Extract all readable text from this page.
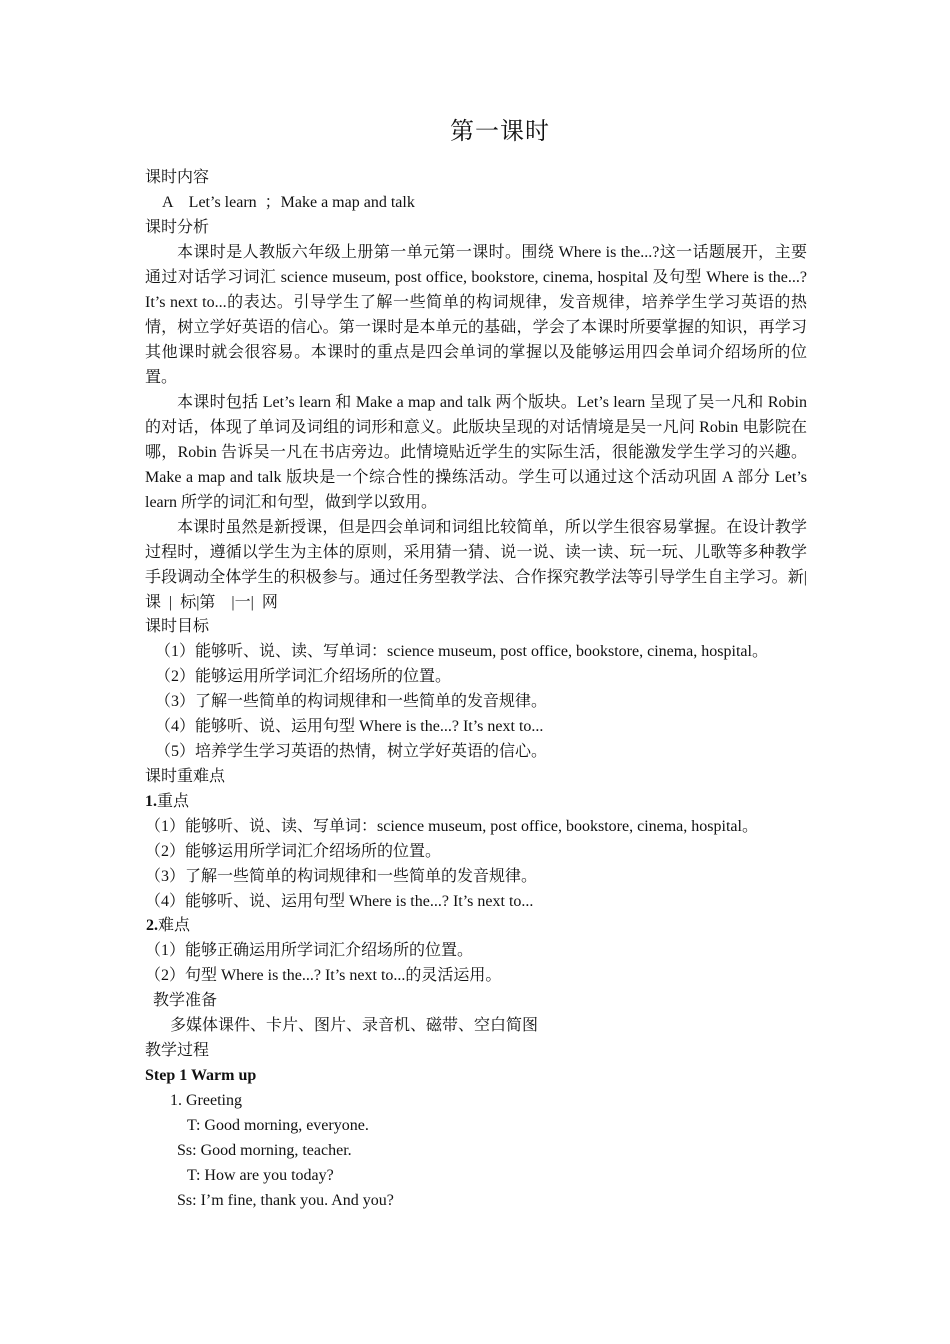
第一课时
课时内容
A    Let’s learn  ；Make a map and talk
课时分析
本课时是人教版六年级上册第一单元第一课时。围绕 Where is the...?这一话题展开，主要通过对话学习词汇 science museum, post office, bookstore, cinema, hospital 及句型 Where is the...? It’s next to...的表达。引导学生了解一些简单的构词规律，发音规律，培养学生学习英语的热情，树立学好英语的信心。第一课时是本单元的基础，学会了本课时所要掌握的知识，再学习其他课时就会很容易。本课时的重点是四会单词的掌握以及能够运用四会单词介绍场所的位置。
本课时包括 Let’s learn 和 Make a map and talk 两个版块。Let’s learn 呈现了吴一凡和 Robin 的对话，体现了单词及词组的词形和意义。此版块呈现的对话情境是吴一凡问 Robin 电影院在哪，Robin 告诉吴一凡在书店旁边。此情境贴近学生的实际生活，很能激发学生学习的兴趣。Make a map and talk 版块是一个综合性的操练活动。学生可以通过这个活动巩固 A 部分 Let’s learn 所学的词汇和句型，做到学以致用。
本课时虽然是新授课，但是四会单词和词组比较简单，所以学生很容易掌握。在设计教学过程时，遵循以学生为主体的原则，采用猜一猜、说一说、读一读、玩一玩、儿歌等多种教学手段调动全体学生的积极参与。通过任务型教学法、合作探究教学法等引导学生自主学习。新|课  |  标|第    |一|  网
课时目标
（1）能够听、说、读、写单词：science museum, post office, bookstore, cinema, hospital。
（2）能够运用所学词汇介绍场所的位置。
（3）了解一些简单的构词规律和一些简单的发音规律。
（4）能够听、说、运用句型 Where is the...? It’s next to...
（5）培养学生学习英语的热情，树立学好英语的信心。
课时重难点
1.重点
（1）能够听、说、读、写单词：science museum, post office, bookstore, cinema, hospital。
（2）能够运用所学词汇介绍场所的位置。
（3）了解一些简单的构词规律和一些简单的发音规律。
（4）能够听、说、运用句型 Where is the...? It’s next to...
2.难点
（1）能够正确运用所学词汇介绍场所的位置。
（2）句型 Where is the...? It’s next to...的灵活运用。
教学准备
多媒体课件、卡片、图片、录音机、磁带、空白简图
教学过程
Step 1 Warm up
1. Greeting
T: Good morning, everyone.
Ss: Good morning, teacher.
T: How are you today?
Ss: I’m fine, thank you. And you?
